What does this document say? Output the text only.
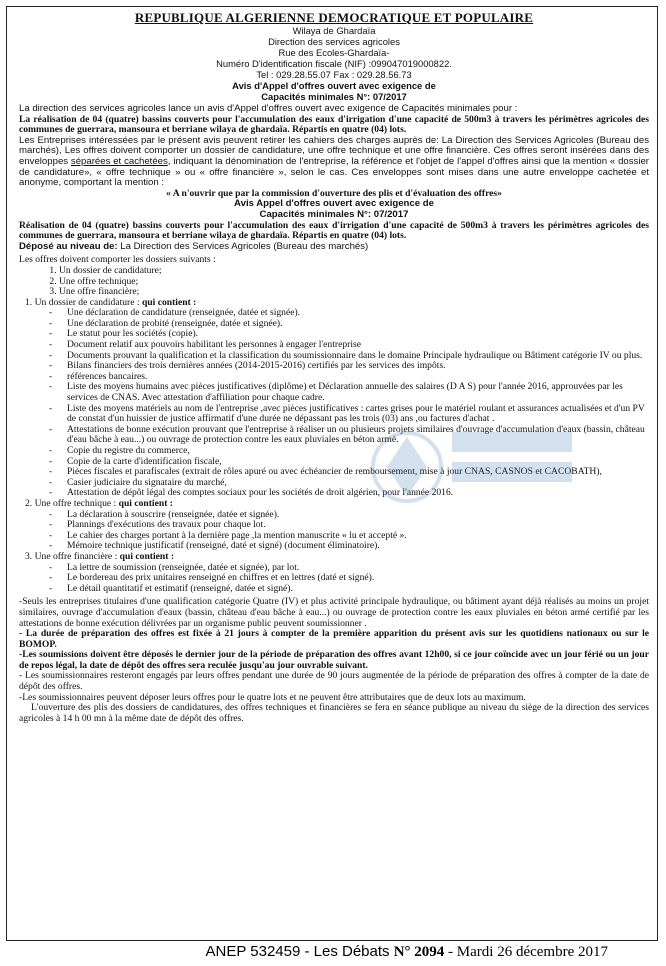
REPUBLIQUE ALGERIENNE DEMOCRATIQUE ET POPULAIRE
Wilaya de Ghardaïa
Direction des services agricoles
Rue des Ecoles-Ghardaïa-
Numéro D'identification fiscale (NIF) :099047019000822.
Tel : 029.28.55.07 Fax : 029.28.56.73
Avis d'Appel d'offres ouvert avec exigence de
Capacités minimales N°: 07/2017

La direction des services agricoles lance un avis d'Appel d'offres ouvert avec exigence de Capacités minimales pour :

La réalisation de 04 (quatre) bassins couverts pour l'accumulation des eaux d'irrigation d'une capacité de 500m3 à travers les périmètres agricoles des communes de guerrara, mansoura et berriane wilaya de ghardaïa. Répartis en quatre (04) lots.

Les Entreprises intéressées par le présent avis peuvent retirer les cahiers des charges auprès de: La Direction des Services Agricoles (Bureau des marchés), Les offres doivent comporter un dossier de candidature, une offre technique et une offre financière. Ces offres seront insérées dans des enveloppes séparées et cachetées, indiquant la dénomination de l'entreprise, la référence et l'objet de l'appel d'offres ainsi que la mention « dossier de candidature», « offre technique » ou « offre financière », selon le cas. Ces enveloppes sont mises dans une autre enveloppe cachetée et anonyme, comportant la mention :

« A n'ouvrir que par la commission d'ouverture des plis et d'évaluation des offres»
Avis Appel d'offres ouvert avec exigence de
Capacités minimales N°: 07/2017

Réalisation de 04 (quatre) bassins couverts pour l'accumulation des eaux d'irrigation d'une capacité de 500m3 à travers les périmètres agricoles des communes de guerrara, mansoura et berriane wilaya de ghardaïa. Répartis en quatre (04) lots.

Déposé au niveau de: La Direction des Services Agricoles (Bureau des marchés)

Les offres doivent comporter les dossiers suivants :

1. Un dossier de candidature;
2. Une offre technique;
3. Une offre financière;

1. Un dossier de candidature : qui contient :

- Une déclaration de candidature (renseignée, datée et signée).
- Une déclaration de probité (renseignée, datée et signée).
- Le statut pour les sociétés (copie).
- Document relatif aux pouvoirs habilitant les personnes à engager l'entreprise
- Documents prouvant la qualification et la classification du soumissionnaire dans le domaine Principale hydraulique ou Bâtiment catégorie IV ou plus.
- Bilans financiers des trois dernières années (2014-2015-2016) certifiés par les services des impôts.
- références bancaires.
- Liste des moyens humains avec pièces justificatives (diplôme) et Déclaration annuelle des salaires (D A S) pour l'année 2016, approuvées par les services de CNAS. Avec attestation d'affiliation pour chaque cadre.
- Liste des moyens matériels au nom de l'entreprise ,avec pièces justificatives : cartes grises pour le matériel roulant et assurances actualisées et d'un PV de constat d'un huissier de justice affirmatif d'une durée ne dépassant pas les trois (03) ans ,ou factures d'achat .
- Attestations de bonne exécution prouvant que l'entreprise à réaliser un ou plusieurs projets similaires d'ouvrage d'accumulation d'eaux (bassin, château d'eau bâche à eau...) ou ouvrage de protection contre les eaux pluviales en béton armé.
- Copie du registre du commerce,
- Copie de la carte d'identification fiscale,
- Pièces fiscales et parafiscales (extrait de rôles apuré ou avec échéancier de remboursement, mise à jour CNAS, CASNOS et CACOBATH),
- Casier judiciaire du signataire du marché,
- Attestation de dépôt légal des comptes sociaux pour les sociétés de droit algérien, pour l'année 2016.

2. Une offre technique : qui contient :

- La déclaration à souscrire (renseignée, datée et signée).
- Plannings d'exécutions des travaux pour chaque lot.
- Le cahier des charges portant à la dernière page ,la mention manuscrite « lu et accepté ».
- Mémoire technique justificatif (renseigné, daté et signé) (document éliminatoire).

3. Une offre financière : qui contient :

- La lettre de soumission (renseignée, datée et signée), par lot.
- Le bordereau des prix unitaires renseigné en chiffres et en lettres (daté et signé).
- Le détail quantitatif et estimatif (renseigné, datée et signé).

-Seuls les entreprises titulaires d'une qualification catégorie Quatre (IV) et plus activité principale hydraulique, ou bâtiment ayant déjà réalisés au moins un projet similaires, ouvrage d'accumulation d'eaux (bassin, château d'eau bâche à eau...) ou ouvrage de protection contre les eaux pluviales en béton armé certifié par les attestations de bonne exécution délivrées par un organisme public peuvent soumissionner .

- La durée de préparation des offres est fixée à 21 jours à compter de la première apparition du présent avis sur les quotidiens nationaux ou sur le BOMOP.

-Les soumissions doivent être déposés le dernier jour de la période de préparation des offres avant 12h00, si ce jour coïncide avec un jour férié ou un jour de repos légal, la date de dépôt des offres sera reculée jusqu'au jour ouvrable suivant.

- Les soumissionnaires resteront engagés par leurs offres pendant une durée de 90 jours augmentée de la période de préparation des offres à compter de la date de dépôt des offres.

-Les soumissionnaires peuvent déposer leurs offres pour le quatre lots et ne peuvent être attributaires que de deux lots au maximum.

L'ouverture des plis des dossiers de candidatures, des offres techniques et financières se fera en séance publique au niveau du siège de la direction des services agricoles à 14 h 00 mn à la même date de dépôt des offres.

ANEP 532459 - Les Débats N° 2094 - Mardi 26 décembre 2017
